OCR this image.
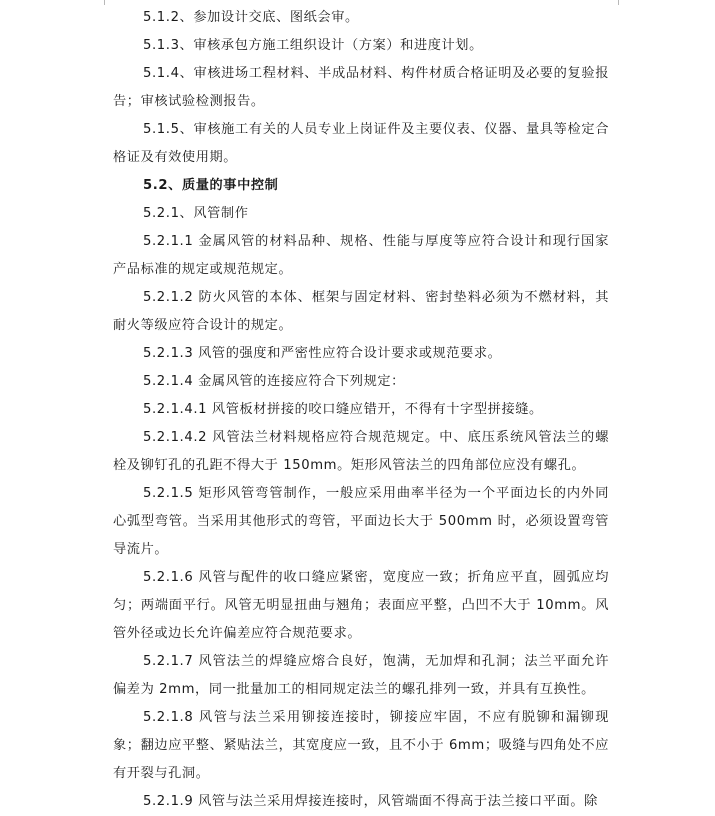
5.1.2、参加设计交底、图纸会审。

5.1.3、审核承包方施工组织设计（方案）和进度计划。

5.1.4、审核进场工程材料、半成品材料、构件材质合格证明及必要的复验报告；审核试验检测报告。

5.1.5、审核施工有关的人员专业上岗证件及主要仪表、仪器、量具等检定合格证及有效使用期。

5.2、质量的事中控制

5.2.1、风管制作

5.2.1.1 金属风管的材料品种、规格、性能与厚度等应符合设计和现行国家产品标准的规定或规范规定。

5.2.1.2 防火风管的本体、框架与固定材料、密封垫料必须为不燃材料，其耐火等级应符合设计的规定。

5.2.1.3 风管的强度和严密性应符合设计要求或规范要求。

5.2.1.4 金属风管的连接应符合下列规定：

5.2.1.4.1 风管板材拼接的咬口缝应错开，不得有十字型拼接缝。

5.2.1.4.2 风管法兰材料规格应符合规范规定。中、底压系统风管法兰的螺栓及铆钉孔的孔距不得大于 150mm。矩形风管法兰的四角部位应没有螺孔。

5.2.1.5 矩形风管弯管制作，一般应采用曲率半径为一个平面边长的内外同心弧型弯管。当采用其他形式的弯管，平面边长大于 500mm 时，必须设置弯管导流片。

5.2.1.6 风管与配件的收口缝应紧密，宽度应一致；折角应平直，圆弧应均匀；两端面平行。风管无明显扭曲与翘角；表面应平整，凸凹不大于 10mm。风管外径或边长允许偏差应符合规范要求。

5.2.1.7 风管法兰的焊缝应熔合良好，饱满，无加焊和孔洞；法兰平面允许偏差为 2mm，同一批量加工的相同规定法兰的螺孔排列一致，并具有互换性。

5.2.1.8 风管与法兰采用铆接连接时，铆接应牢固，不应有脱铆和漏铆现象；翻边应平整、紧贴法兰，其宽度应一致，且不小于 6mm；吸缝与四角处不应有开裂与孔洞。

5.2.1.9 风管与法兰采用焊接连接时，风管端面不得高于法兰接口平面。除
